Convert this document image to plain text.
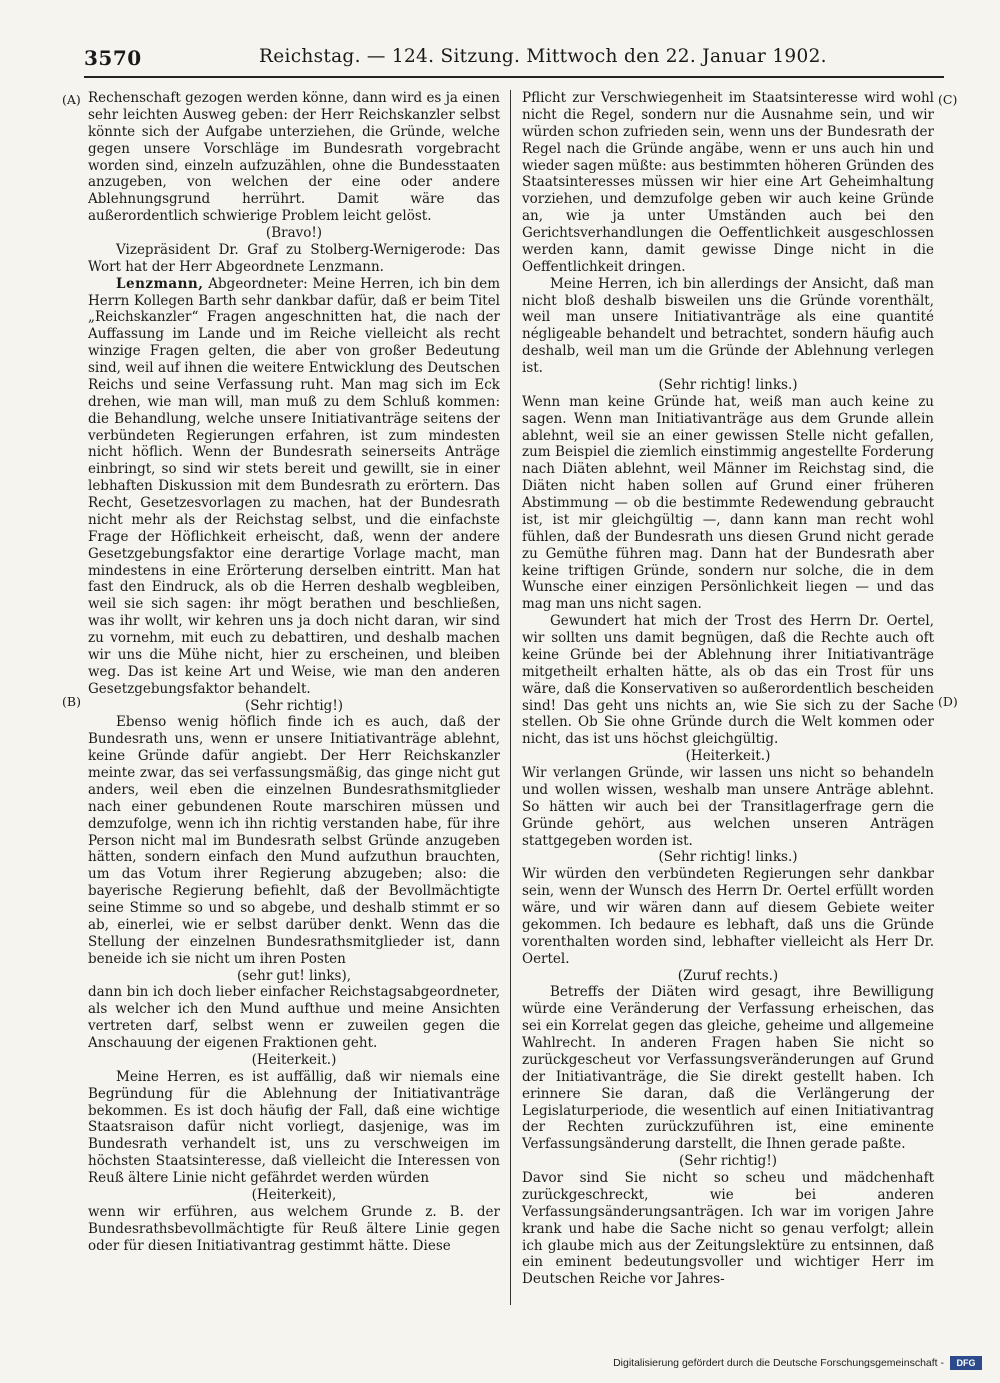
3570	Reichstag. — 124. Sitzung. Mittwoch den 22. Januar 1902.
(A)
(B)
(C)
(D)

Rechenschaft gezogen werden könne, dann wird es ja einen sehr leichten Ausweg geben: der Herr Reichskanzler selbst könnte sich der Aufgabe unterziehen, die Gründe, welche gegen unsere Vorschläge im Bundesrath vorgebracht worden sind, einzeln aufzuzählen, ohne die Bundesstaaten anzugeben, von welchen der eine oder andere Ablehnungsgrund herrührt. Damit wäre das außerordentlich schwierige Problem leicht gelöst.

(Bravo!)

Vizepräsident Dr. Graf zu Stolberg-Wernigerode: Das Wort hat der Herr Abgeordnete Lenzmann.

Lenzmann, Abgeordneter: Meine Herren, ich bin dem Herrn Kollegen Barth sehr dankbar dafür, daß er beim Titel „Reichskanzler“ Fragen angeschnitten hat, die nach der Auffassung im Lande und im Reiche vielleicht als recht winzige Fragen gelten, die aber von großer Bedeutung sind, weil auf ihnen die weitere Entwicklung des Deutschen Reichs und seine Verfassung ruht. Man mag sich im Eck drehen, wie man will, man muß zu dem Schluß kommen: die Behandlung, welche unsere Initiativanträge seitens der verbündeten Regierungen erfahren, ist zum mindesten nicht höflich. Wenn der Bundesrath seinerseits Anträge einbringt, so sind wir stets bereit und gewillt, sie in einer lebhaften Diskussion mit dem Bundesrath zu erörtern. Das Recht, Gesetzesvorlagen zu machen, hat der Bundesrath nicht mehr als der Reichstag selbst, und die einfachste Frage der Höflichkeit erheischt, daß, wenn der andere Gesetzgebungsfaktor eine derartige Vorlage macht, man mindestens in eine Erörterung derselben eintritt. Man hat fast den Eindruck, als ob die Herren deshalb wegbleiben, weil sie sich sagen: ihr mögt berathen und beschließen, was ihr wollt, wir kehren uns ja doch nicht daran, wir sind zu vornehm, mit euch zu debattiren, und deshalb machen wir uns die Mühe nicht, hier zu erscheinen, und bleiben weg. Das ist keine Art und Weise, wie man den anderen Gesetzgebungsfaktor behandelt.

(Sehr richtig!)

Ebenso wenig höflich finde ich es auch, daß der Bundesrath uns, wenn er unsere Initiativanträge ablehnt, keine Gründe dafür angiebt. Der Herr Reichskanzler meinte zwar, das sei verfassungsmäßig, das ginge nicht gut anders, weil eben die einzelnen Bundesrathsmitglieder nach einer gebundenen Route marschiren müssen und demzufolge, wenn ich ihn richtig verstanden habe, für ihre Person nicht mal im Bundesrath selbst Gründe anzugeben hätten, sondern einfach den Mund aufzuthun brauchten, um das Votum ihrer Regierung abzugeben; also: die bayerische Regierung befiehlt, daß der Bevollmächtigte seine Stimme so und so abgebe, und deshalb stimmt er so ab, einerlei, wie er selbst darüber denkt. Wenn das die Stellung der einzelnen Bundesrathsmitglieder ist, dann beneide ich sie nicht um ihren Posten

(sehr gut! links),

dann bin ich doch lieber einfacher Reichstagsabgeordneter, als welcher ich den Mund aufthue und meine Ansichten vertreten darf, selbst wenn er zuweilen gegen die Anschauung der eigenen Fraktionen geht.

(Heiterkeit.)

Meine Herren, es ist auffällig, daß wir niemals eine Begründung für die Ablehnung der Initiativanträge bekommen. Es ist doch häufig der Fall, daß eine wichtige Staatsraison dafür nicht vorliegt, dasjenige, was im Bundesrath verhandelt ist, uns zu verschweigen im höchsten Staatsinteresse, daß vielleicht die Interessen von Reuß ältere Linie nicht gefährdet werden würden

(Heiterkeit),

wenn wir erführen, aus welchem Grunde z. B. der Bundesrathsbevollmächtigte für Reuß ältere Linie gegen oder für diesen Initiativantrag gestimmt hätte. Diese

Pflicht zur Verschwiegenheit im Staatsinteresse wird wohl nicht die Regel, sondern nur die Ausnahme sein, und wir würden schon zufrieden sein, wenn uns der Bundesrath der Regel nach die Gründe angäbe, wenn er uns auch hin und wieder sagen müßte: aus bestimmten höheren Gründen des Staatsinteresses müssen wir hier eine Art Geheimhaltung vorziehen, und demzufolge geben wir auch keine Gründe an, wie ja unter Umständen auch bei den Gerichtsverhandlungen die Oeffentlichkeit ausgeschlossen werden kann, damit gewisse Dinge nicht in die Oeffentlichkeit dringen.

Meine Herren, ich bin allerdings der Ansicht, daß man nicht bloß deshalb bisweilen uns die Gründe vorenthält, weil man unsere Initiativanträge als eine quantité négligeable behandelt und betrachtet, sondern häufig auch deshalb, weil man um die Gründe der Ablehnung verlegen ist.

(Sehr richtig! links.)

Wenn man keine Gründe hat, weiß man auch keine zu sagen. Wenn man Initiativanträge aus dem Grunde allein ablehnt, weil sie an einer gewissen Stelle nicht gefallen, zum Beispiel die ziemlich einstimmig angestellte Forderung nach Diäten ablehnt, weil Männer im Reichstag sind, die Diäten nicht haben sollen auf Grund einer früheren Abstimmung — ob die bestimmte Redewendung gebraucht ist, ist mir gleichgültig —, dann kann man recht wohl fühlen, daß der Bundesrath uns diesen Grund nicht gerade zu Gemüthe führen mag. Dann hat der Bundesrath aber keine triftigen Gründe, sondern nur solche, die in dem Wunsche einer einzigen Persönlichkeit liegen — und das mag man uns nicht sagen.

Gewundert hat mich der Trost des Herrn Dr. Oertel, wir sollten uns damit begnügen, daß die Rechte auch oft keine Gründe bei der Ablehnung ihrer Initiativanträge mitgetheilt erhalten hätte, als ob das ein Trost für uns wäre, daß die Konservativen so außerordentlich bescheiden sind! Das geht uns nichts an, wie Sie sich zu der Sache stellen. Ob Sie ohne Gründe durch die Welt kommen oder nicht, das ist uns höchst gleichgültig.

(Heiterkeit.)

Wir verlangen Gründe, wir lassen uns nicht so behandeln und wollen wissen, weshalb man unsere Anträge ablehnt. So hätten wir auch bei der Transitlagerfrage gern die Gründe gehört, aus welchen unseren Anträgen stattgegeben worden ist.

(Sehr richtig! links.)

Wir würden den verbündeten Regierungen sehr dankbar sein, wenn der Wunsch des Herrn Dr. Oertel erfüllt worden wäre, und wir wären dann auf diesem Gebiete weiter gekommen. Ich bedaure es lebhaft, daß uns die Gründe vorenthalten worden sind, lebhafter vielleicht als Herr Dr. Oertel.

(Zuruf rechts.)

Betreffs der Diäten wird gesagt, ihre Bewilligung würde eine Veränderung der Verfassung erheischen, das sei ein Korrelat gegen das gleiche, geheime und allgemeine Wahlrecht. In anderen Fragen haben Sie nicht so zurückgescheut vor Verfassungsveränderungen auf Grund der Initiativanträge, die Sie direkt gestellt haben. Ich erinnere Sie daran, daß die Verlängerung der Legislaturperiode, die wesentlich auf einen Initiativantrag der Rechten zurückzuführen ist, eine eminente Verfassungsänderung darstellt, die Ihnen gerade paßte.

(Sehr richtig!)

Davor sind Sie nicht so scheu und mädchenhaft zurückgeschreckt, wie bei anderen Verfassungsänderungsanträgen. Ich war im vorigen Jahre krank und habe die Sache nicht so genau verfolgt; allein ich glaube mich aus der Zeitungslektüre zu entsinnen, daß ein eminent bedeutungsvoller und wichtiger Herr im Deutschen Reiche vor Jahres-

Digitalisierung gefördert durch die Deutsche Forschungsgemeinschaft -	DFG
